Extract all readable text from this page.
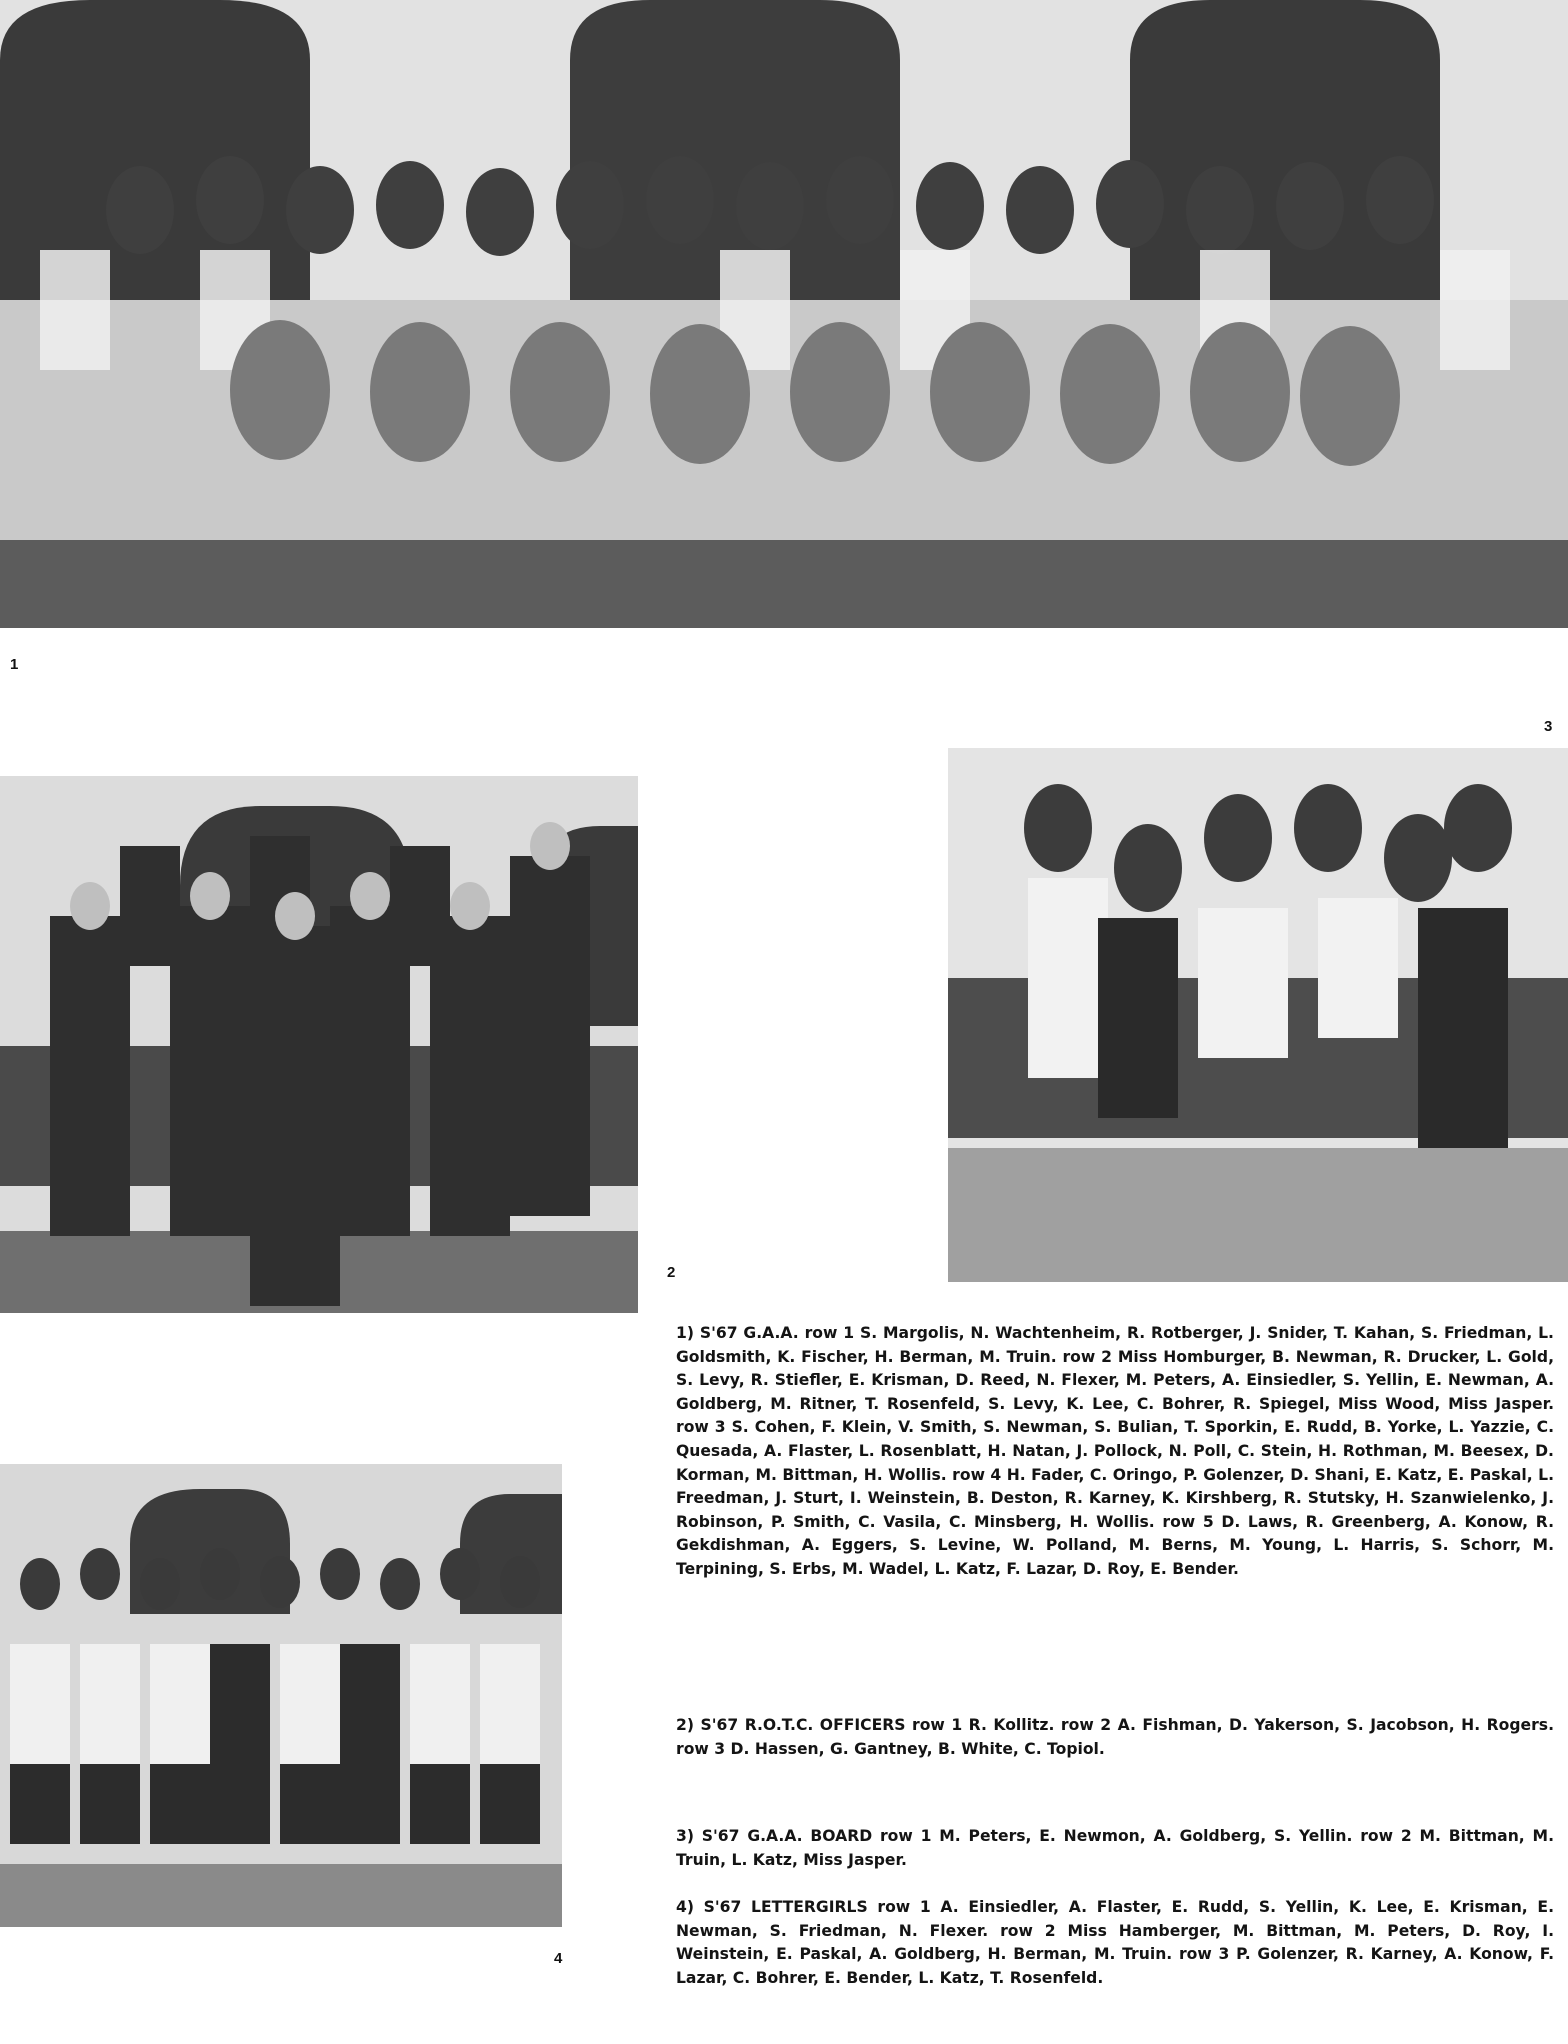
1
2
3
4

1) S'67 G.A.A. row 1 S. Margolis, N. Wachtenheim, R. Rotberger, J. Snider, T. Kahan, S. Friedman, L. Goldsmith, K. Fischer, H. Berman, M. Truin. row 2 Miss Homburger, B. Newman, R. Drucker, L. Gold, S. Levy, R. Stiefler, E. Krisman, D. Reed, N. Flexer, M. Peters, A. Einsiedler, S. Yellin, E. Newman, A. Goldberg, M. Ritner, T. Rosenfeld, S. Levy, K. Lee, C. Bohrer, R. Spiegel, Miss Wood, Miss Jasper. row 3 S. Cohen, F. Klein, V. Smith, S. Newman, S. Bulian, T. Sporkin, E. Rudd, B. Yorke, L. Yazzie, C. Quesada, A. Flaster, L. Rosenblatt, H. Natan, J. Pollock, N. Poll, C. Stein, H. Rothman, M. Beesex, D. Korman, M. Bittman, H. Wollis. row 4 H. Fader, C. Oringo, P. Golenzer, D. Shani, E. Katz, E. Paskal, L. Freedman, J. Sturt, I. Weinstein, B. Deston, R. Karney, K. Kirshberg, R. Stutsky, H. Szanwielenko, J. Robinson, P. Smith, C. Vasila, C. Minsberg, H. Wollis. row 5 D. Laws, R. Greenberg, A. Konow, R. Gekdishman, A. Eggers, S. Levine, W. Polland, M. Berns, M. Young, L. Harris, S. Schorr, M. Terpining, S. Erbs, M. Wadel, L. Katz, F. Lazar, D. Roy, E. Bender.

2) S'67 R.O.T.C. OFFICERS row 1 R. Kollitz. row 2 A. Fishman, D. Yakerson, S. Jacobson, H. Rogers. row 3 D. Hassen, G. Gantney, B. White, C. Topiol.

3) S'67 G.A.A. BOARD row 1 M. Peters, E. Newmon, A. Goldberg, S. Yellin. row 2 M. Bittman, M. Truin, L. Katz, Miss Jasper.

4) S'67 LETTERGIRLS row 1 A. Einsiedler, A. Flaster, E. Rudd, S. Yellin, K. Lee, E. Krisman, E. Newman, S. Friedman, N. Flexer. row 2 Miss Hamberger, M. Bittman, M. Peters, D. Roy, I. Weinstein, E. Paskal, A. Goldberg, H. Berman, M. Truin. row 3 P. Golenzer, R. Karney, A. Konow, F. Lazar, C. Bohrer, E. Bender, L. Katz, T. Rosenfeld.
